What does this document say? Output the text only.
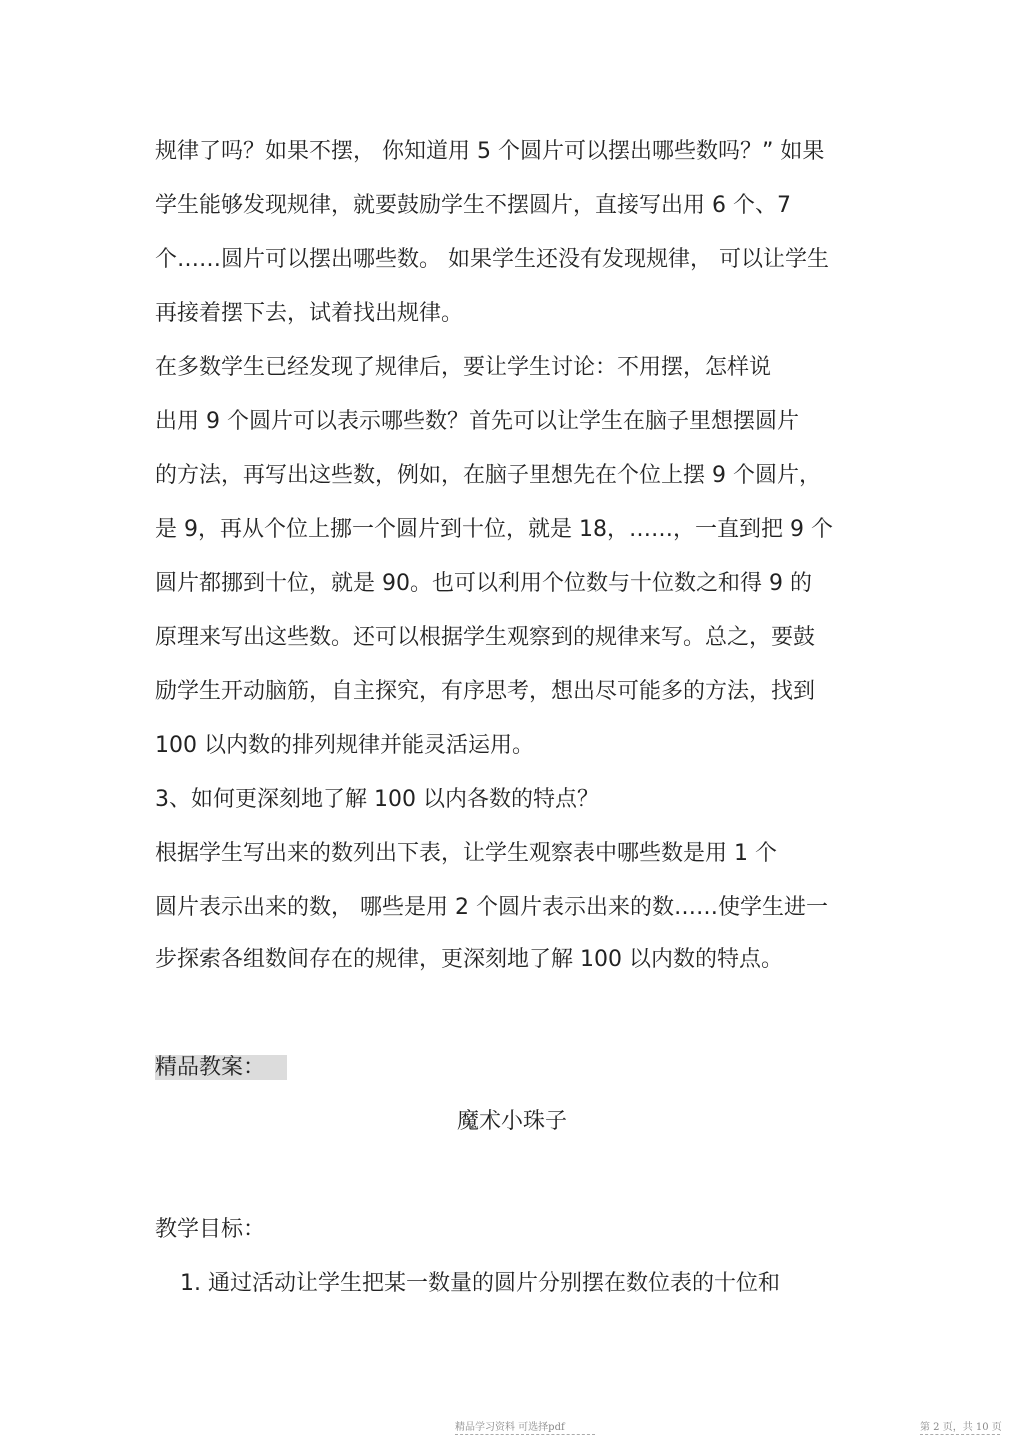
规律了吗？如果不摆， 你知道用 5 个圆片可以摆出哪些数吗？” 如果
学生能够发现规律，就要鼓励学生不摆圆片，直接写出用 6 个、7
个……圆片可以摆出哪些数。 如果学生还没有发现规律， 可以让学生
再接着摆下去，试着找出规律。
在多数学生已经发现了规律后，要让学生讨论：不用摆，怎样说
出用 9 个圆片可以表示哪些数？首先可以让学生在脑子里想摆圆片
的方法，再写出这些数，例如，在脑子里想先在个位上摆 9 个圆片，
是 9，再从个位上挪一个圆片到十位，就是 18，……，一直到把 9 个
圆片都挪到十位，就是 90。也可以利用个位数与十位数之和得 9 的
原理来写出这些数。还可以根据学生观察到的规律来写。总之，要鼓
励学生开动脑筋，自主探究，有序思考，想出尽可能多的方法，找到
100 以内数的排列规律并能灵活运用。
3、如何更深刻地了解 100 以内各数的特点？
根据学生写出来的数列出下表，让学生观察表中哪些数是用 1 个
圆片表示出来的数， 哪些是用 2 个圆片表示出来的数……使学生进一
步探索各组数间存在的规律，更深刻地了解 100 以内数的特点。
精品教案：
魔术小珠子
教学目标：
1. 通过活动让学生把某一数量的圆片分别摆在数位表的十位和
精品学习资料 可选择pdf	第 2 页，共 10 页
